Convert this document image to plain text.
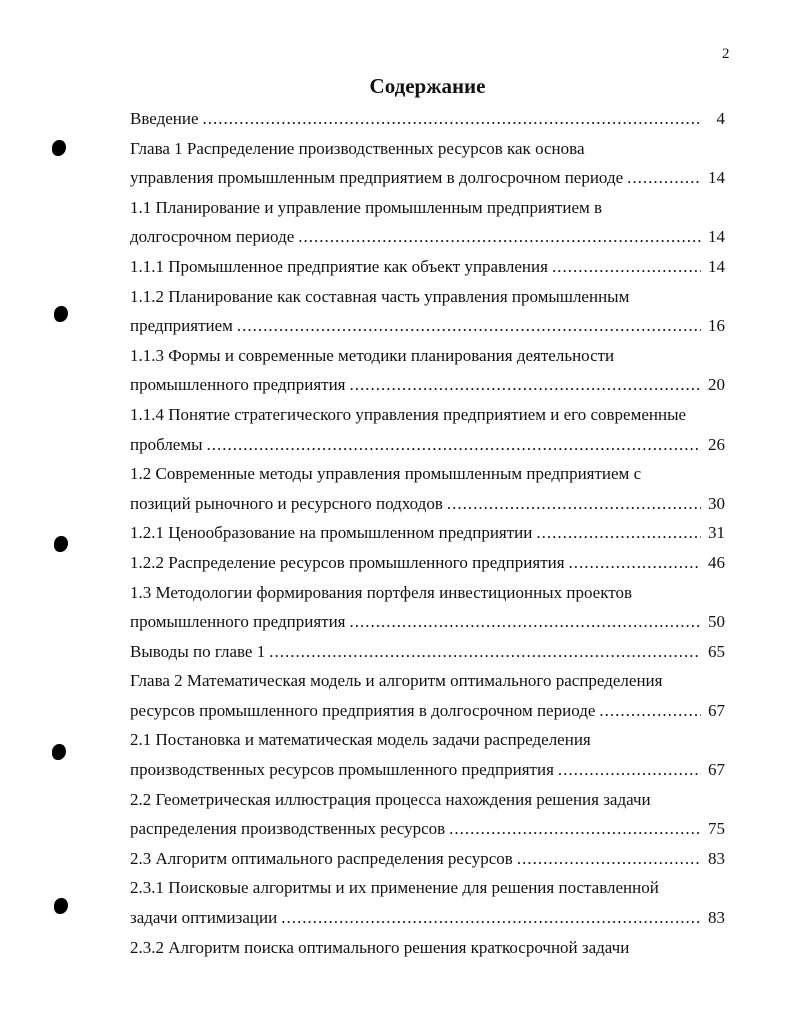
2
Содержание
Введение .....	4
Глава 1 Распределение производственных ресурсов как основа
управления промышленным предприятием в долгосрочном периоде .....	14
1.1 Планирование и управление промышленным предприятием в
долгосрочном периоде .....	14
1.1.1 Промышленное предприятие как объект управления .....	14
1.1.2 Планирование как составная часть управления промышленным
предприятием .....	16
1.1.3 Формы и современные методики планирования деятельности
промышленного предприятия .....	20
1.1.4 Понятие стратегического управления предприятием и его современные
проблемы .....	26
1.2 Современные методы управления промышленным предприятием с
позиций рыночного и ресурсного подходов .....	30
1.2.1 Ценообразование на промышленном предприятии .....	31
1.2.2 Распределение ресурсов промышленного предприятия .....	46
1.3 Методологии формирования портфеля инвестиционных проектов
промышленного предприятия .....	50
Выводы по главе 1 .....	65
Глава 2 Математическая модель и алгоритм оптимального распределения
ресурсов промышленного предприятия в долгосрочном периоде .....	67
2.1 Постановка и математическая модель задачи распределения
производственных ресурсов промышленного предприятия .....	67
2.2 Геометрическая иллюстрация процесса нахождения решения задачи
распределения производственных ресурсов .....	75
2.3 Алгоритм оптимального распределения ресурсов .....	83
2.3.1 Поисковые алгоритмы и их применение для решения поставленной
задачи оптимизации .....	83
2.3.2 Алгоритм поиска оптимального решения краткосрочной задачи
